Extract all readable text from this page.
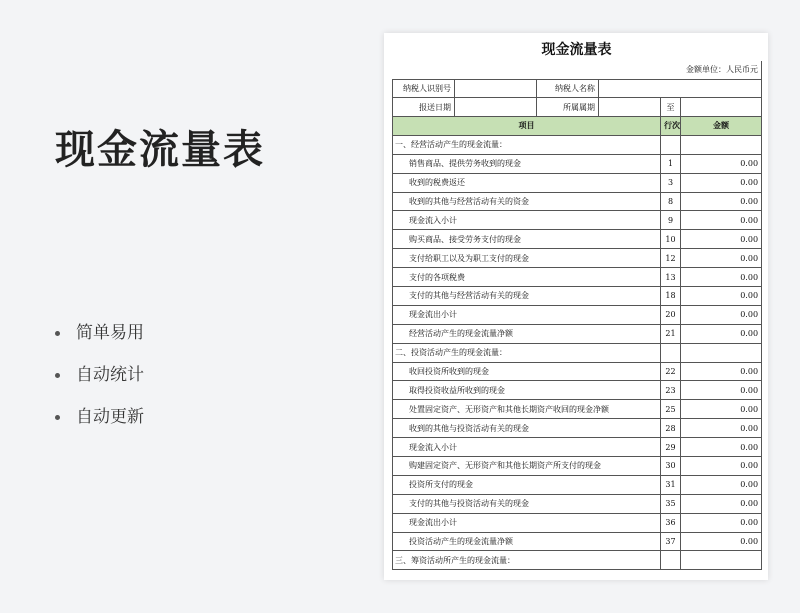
现金流量表
简单易用
自动统计
自动更新
现金流量表
金额单位：人民币元					
纳税人识别号		纳税人名称			
报送日期		所属属期		至	
项目				行次	金额
一、经营活动产生的现金流量：					
销售商品、提供劳务收到的现金				1	0.00
收到的税费返还				3	0.00
收到的其他与经营活动有关的资金				8	0.00
现金流入小计				9	0.00
购买商品、接受劳务支付的现金				10	0.00
支付给职工以及为职工支付的现金				12	0.00
支付的各项税费				13	0.00
支付的其他与经营活动有关的现金				18	0.00
现金流出小计				20	0.00
经营活动产生的现金流量净额				21	0.00
二、投资活动产生的现金流量：					
收回投资所收到的现金				22	0.00
取得投资收益所收到的现金				23	0.00
处置固定资产、无形资产和其他长期资产收回的现金净额				25	0.00
收到的其他与投资活动有关的现金				28	0.00
现金流入小计				29	0.00
购建固定资产、无形资产和其他长期资产所支付的现金				30	0.00
投资所支付的现金				31	0.00
支付的其他与投资活动有关的现金				35	0.00
现金流出小计				36	0.00
投资活动产生的现金流量净额				37	0.00
三、筹资活动所产生的现金流量：					
